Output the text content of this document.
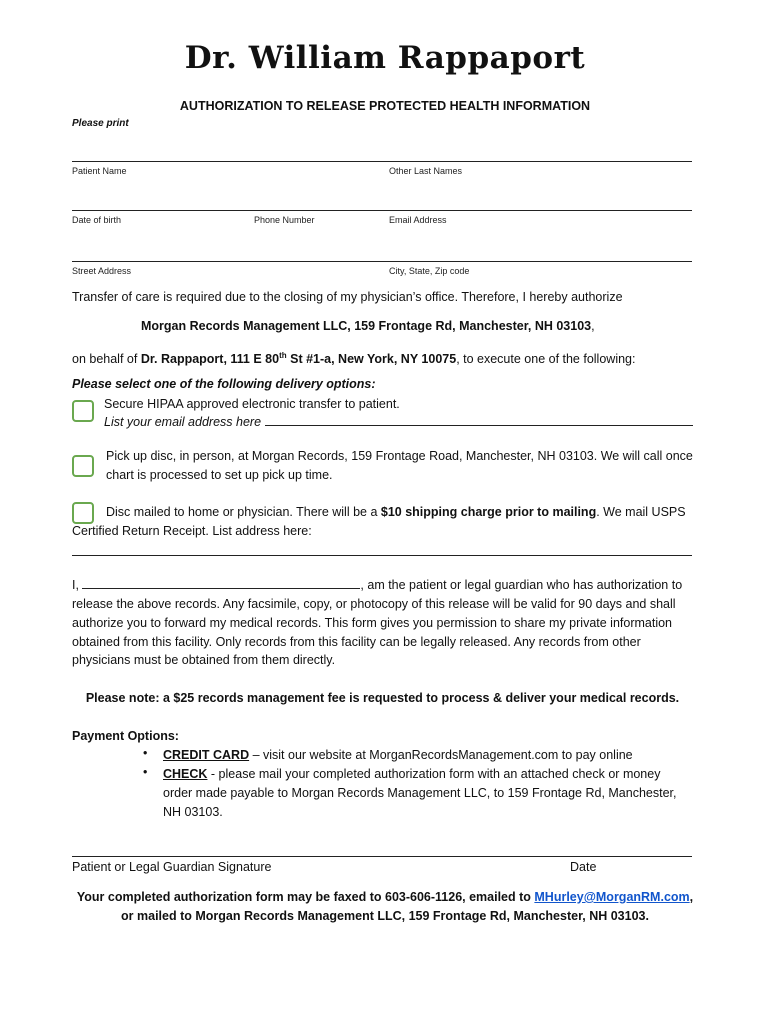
Dr. William Rappaport
AUTHORIZATION TO RELEASE PROTECTED HEALTH INFORMATION
Please print
Patient Name	Other Last Names
Date of birth	Phone Number	Email Address
Street Address	City, State, Zip code
Transfer of care is required due to the closing of my physician’s office. Therefore, I hereby authorize
Morgan Records Management LLC, 159 Frontage Rd, Manchester, NH 03103,
on behalf of Dr. Rappaport, 111 E 80th St #1-a, New York, NY 10075, to execute one of the following:
Please select one of the following delivery options:
Secure HIPAA approved electronic transfer to patient.
List your email address here
Pick up disc, in person, at Morgan Records, 159 Frontage Road, Manchester, NH 03103. We will call once
chart is processed to set up pick up time.
Disc mailed to home or physician. There will be a $10 shipping charge prior to mailing. We mail USPS
Certified Return Receipt. List address here:
I,	, am the patient or legal guardian who has authorization to
release the above records. Any facsimile, copy, or photocopy of this release will be valid for 90 days and shall
authorize you to forward my medical records. This form gives you permission to share my private information
obtained from this facility. Only records from this facility can be legally released. Any records from other
physicians must be obtained from them directly.
Please note: a $25 records management fee is requested to process & deliver your medical records.
Payment Options:
• CREDIT CARD – visit our website at MorganRecordsManagement.com to pay online
• CHECK - please mail your completed authorization form with an attached check or money
order made payable to Morgan Records Management LLC, to 159 Frontage Rd, Manchester,
NH 03103.
Patient or Legal Guardian Signature	Date
Your completed authorization form may be faxed to 603-606-1126, emailed to MHurley@MorganRM.com,
or mailed to Morgan Records Management LLC, 159 Frontage Rd, Manchester, NH 03103.
